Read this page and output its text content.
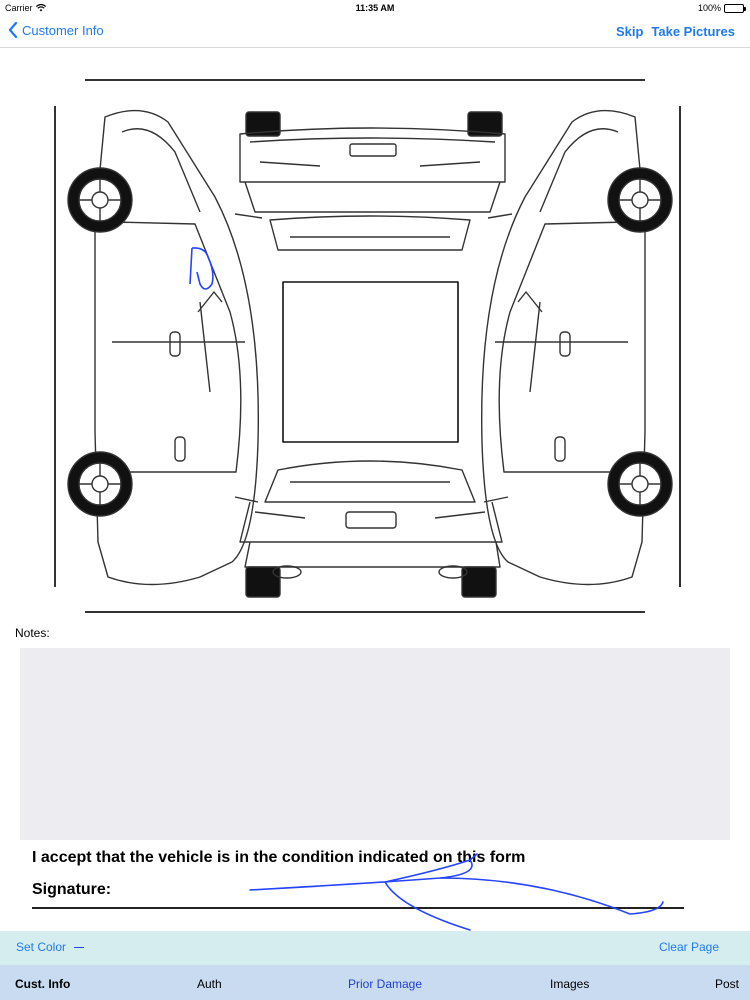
Carrier	11:35 AM	100%
Customer Info	Skip Take Pictures
Notes:
I accept that the vehicle is in the condition indicated on this form
Signature:
Set Color	Clear Page
Cust. Info	Auth	Prior Damage	Images	Post
